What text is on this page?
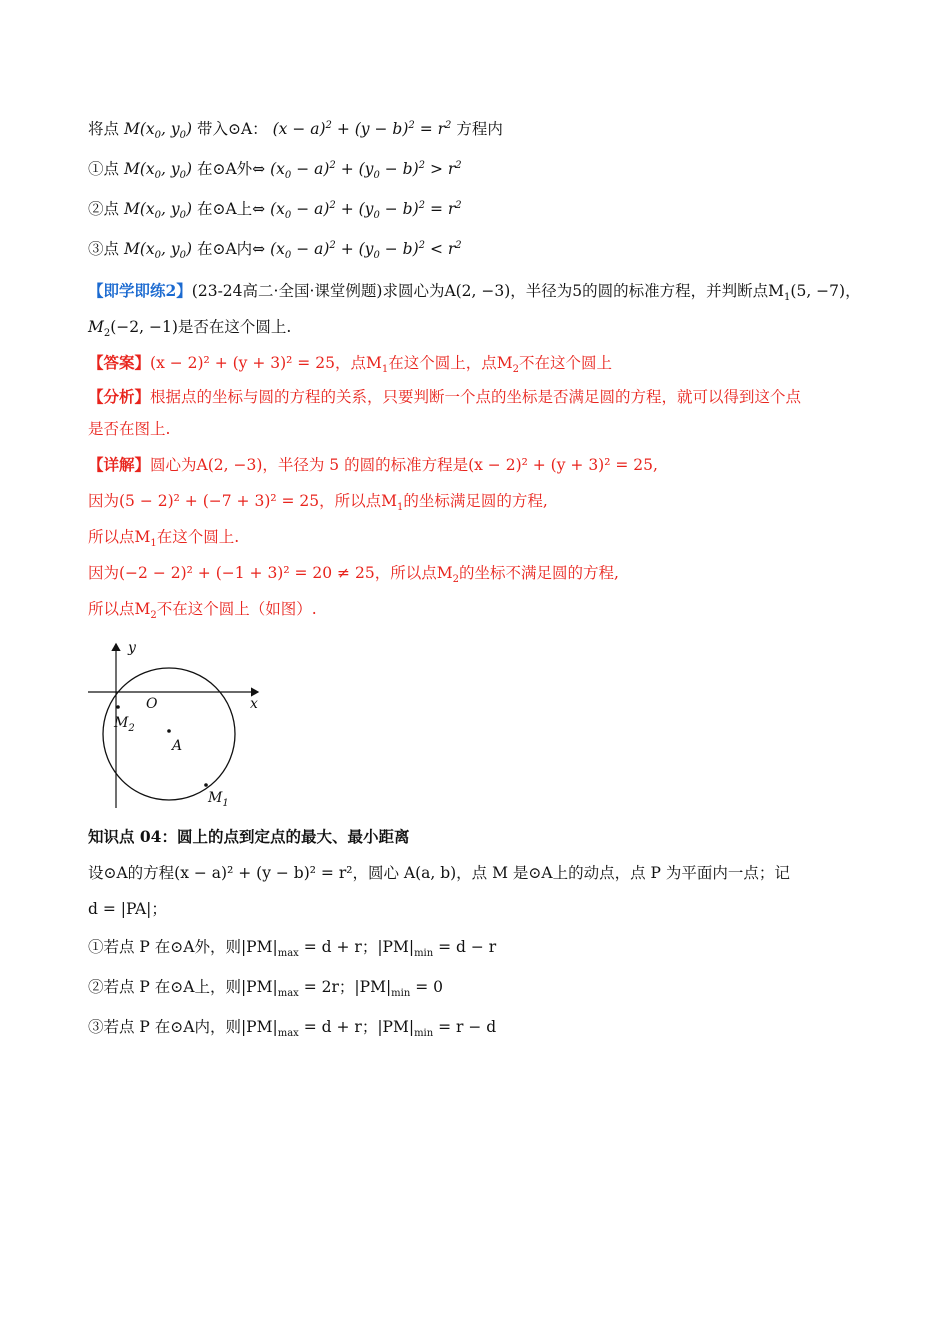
将点 $M(x_0$, $y_0$) 带入⊙A： $(x - a)^2 + (y - b)^2 = r^2$ 方程内
①点 $M(x_0$, $y_0$) 在⊙A外⇔ $(x_0 - a)^2 + (y_0 - b)^2 > r^2$
②点 $M(x_0$, $y_0$) 在⊙A上⇔ $(x_0 - a)^2 + (y_0 - b)^2 = r^2$
③点 $M(x_0$, $y_0$) 在⊙A内⇔ $(x_0 - a)^2 + (y_0 - b)^2 < r^2$
【即学即练2】(23-24高二·全国·课堂例题)求圆心为A(2, −3)，半径为5的圆的标准方程，并判断点$M_1(5$, −7)，
$M_2(-2$, −1)是否在这个圆上.
【答案】(x − 2)² + (y + 3)² = 25，点$M_1$在这个圆上，点$M_2$不在这个圆上
【分析】根据点的坐标与圆的方程的关系，只要判断一个点的坐标是否满足圆的方程，就可以得到这个点
是否在图上.
【详解】圆心为A(2, −3)，半径为 5 的圆的标准方程是(x − 2)² + (y + 3)² = 25,
因为(5 − 2)² + (−7 + 3)² = 25，所以点$M_1$的坐标满足圆的方程,
所以点$M_1$在这个圆上.
因为(−2 − 2)² + (−1 + 3)² = 20 ≠ 25，所以点$M_2$的坐标不满足圆的方程,
所以点$M_2$不在这个圆上（如图）.
y
x
O
$M_2$
A
$M_1$
知识点 04：圆上的点到定点的最大、最小距离
设⊙A的方程(x − a)² + (y − b)² = r²，圆心 A(a, b)，点 M 是⊙A上的动点，点 P 为平面内一点；记
d = |PA|；
①若点 P 在⊙A外，则$|PM|_{max} = d + r$；$|PM|_{min} = d - r$
②若点 P 在⊙A上，则$|PM|_{max} = 2r$；$|PM|_{min} = 0$
③若点 P 在⊙A内，则$|PM|_{max} = d + r$；$|PM|_{min} = r - d$
